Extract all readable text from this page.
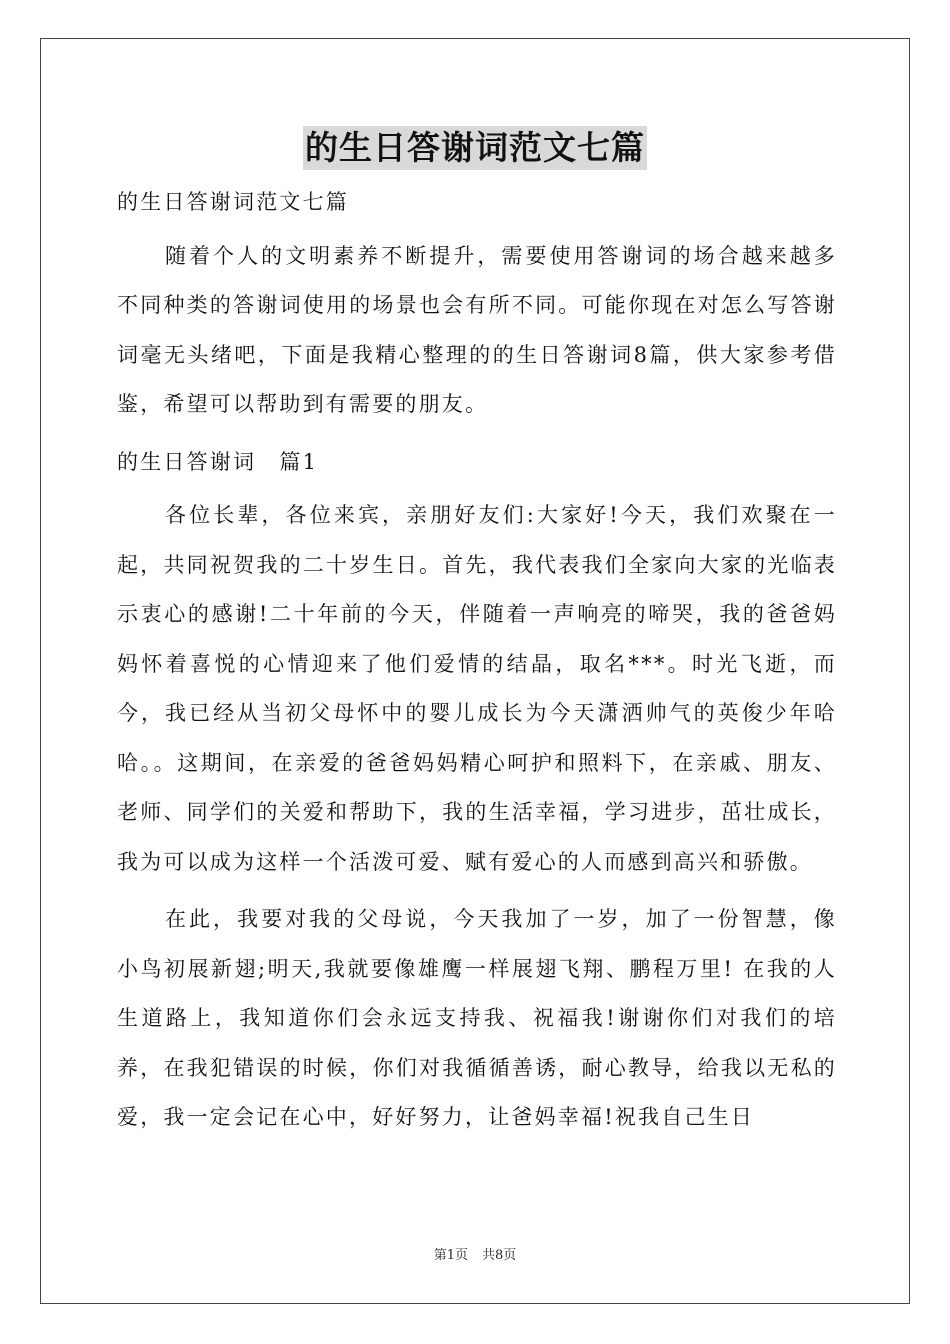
的生日答谢词范文七篇

的生日答谢词范文七篇

随着个人的文明素养不断提升，需要使用答谢词的场合越来越多不同种类的答谢词使用的场景也会有所不同。可能你现在对怎么写答谢词毫无头绪吧，下面是我精心整理的的生日答谢词8篇，供大家参考借鉴，希望可以帮助到有需要的朋友。

的生日答谢词　篇1

各位长辈，各位来宾，亲朋好友们:大家好!今天，我们欢聚在一起，共同祝贺我的二十岁生日。首先，我代表我们全家向大家的光临表示衷心的感谢!二十年前的今天，伴随着一声响亮的啼哭，我的爸爸妈妈怀着喜悦的心情迎来了他们爱情的结晶，取名***。时光飞逝，而今，我已经从当初父母怀中的婴儿成长为今天潇洒帅气的英俊少年哈哈。。这期间，在亲爱的爸爸妈妈精心呵护和照料下，在亲戚、朋友、老师、同学们的关爱和帮助下，我的生活幸福，学习进步，茁壮成长，我为可以成为这样一个活泼可爱、赋有爱心的人而感到高兴和骄傲。

在此，我要对我的父母说，今天我加了一岁，加了一份智慧，像小鸟初展新翅;明天,我就要像雄鹰一样展翅飞翔、鹏程万里! 在我的人生道路上，我知道你们会永远支持我、祝福我!谢谢你们对我们的培养，在我犯错误的时候，你们对我循循善诱，耐心教导，给我以无私的爱，我一定会记在心中，好好努力，让爸妈幸福!祝我自己生日

第1页 共8页
